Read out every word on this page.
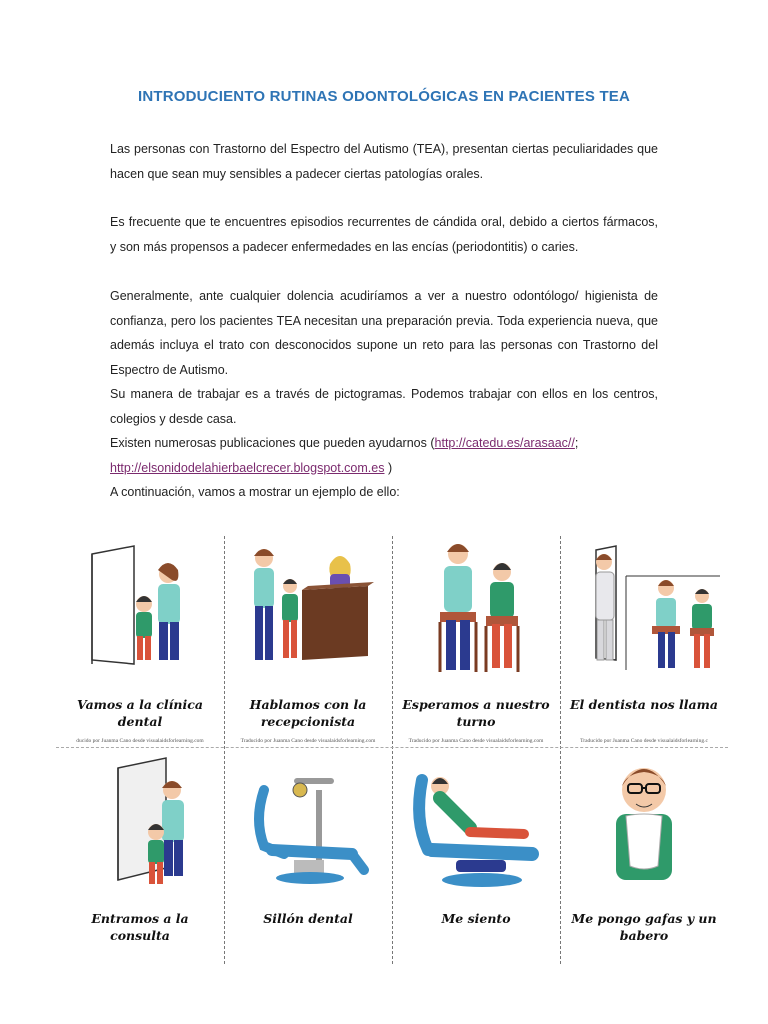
INTRODUCIENTO RUTINAS ODONTOLÓGICAS EN PACIENTES TEA
Las personas con Trastorno del Espectro del Autismo (TEA), presentan ciertas peculiaridades que hacen que sean muy sensibles a padecer ciertas patologías orales.
Es frecuente que te encuentres episodios recurrentes de cándida oral, debido a ciertos fármacos, y son más propensos a padecer enfermedades en las encías (periodontitis) o caries.
Generalmente, ante cualquier dolencia acudiríamos a ver a nuestro odontólogo/ higienista de confianza, pero los pacientes TEA necesitan una preparación previa. Toda experiencia nueva, que además incluya el trato con desconocidos supone un reto para las personas con Trastorno del Espectro de Autismo.
Su manera de trabajar es a través de pictogramas. Podemos trabajar con ellos en los centros, colegios y desde casa.
Existen numerosas publicaciones que pueden ayudarnos (http://catedu.es/arasaac//;
http://elsonidodelahierbaelcrecer.blogspot.com.es )
A continuación, vamos a mostrar un ejemplo de ello:
Vamos a la clínica dental
ducido por Juanma Cano desde visualaidsforlearning.com
Hablamos con la recepcionista
Traducido por Juanma Cano desde visualaidsforlearning.com
Esperamos a nuestro turno
Traducido por Juanma Cano desde visualaidsforlearning.com
El dentista nos llama
Traducido por Juanma Cano desde visualaidsforlearning.c
Entramos a la consulta
Sillón dental	Me siento	Me pongo gafas y un babero
